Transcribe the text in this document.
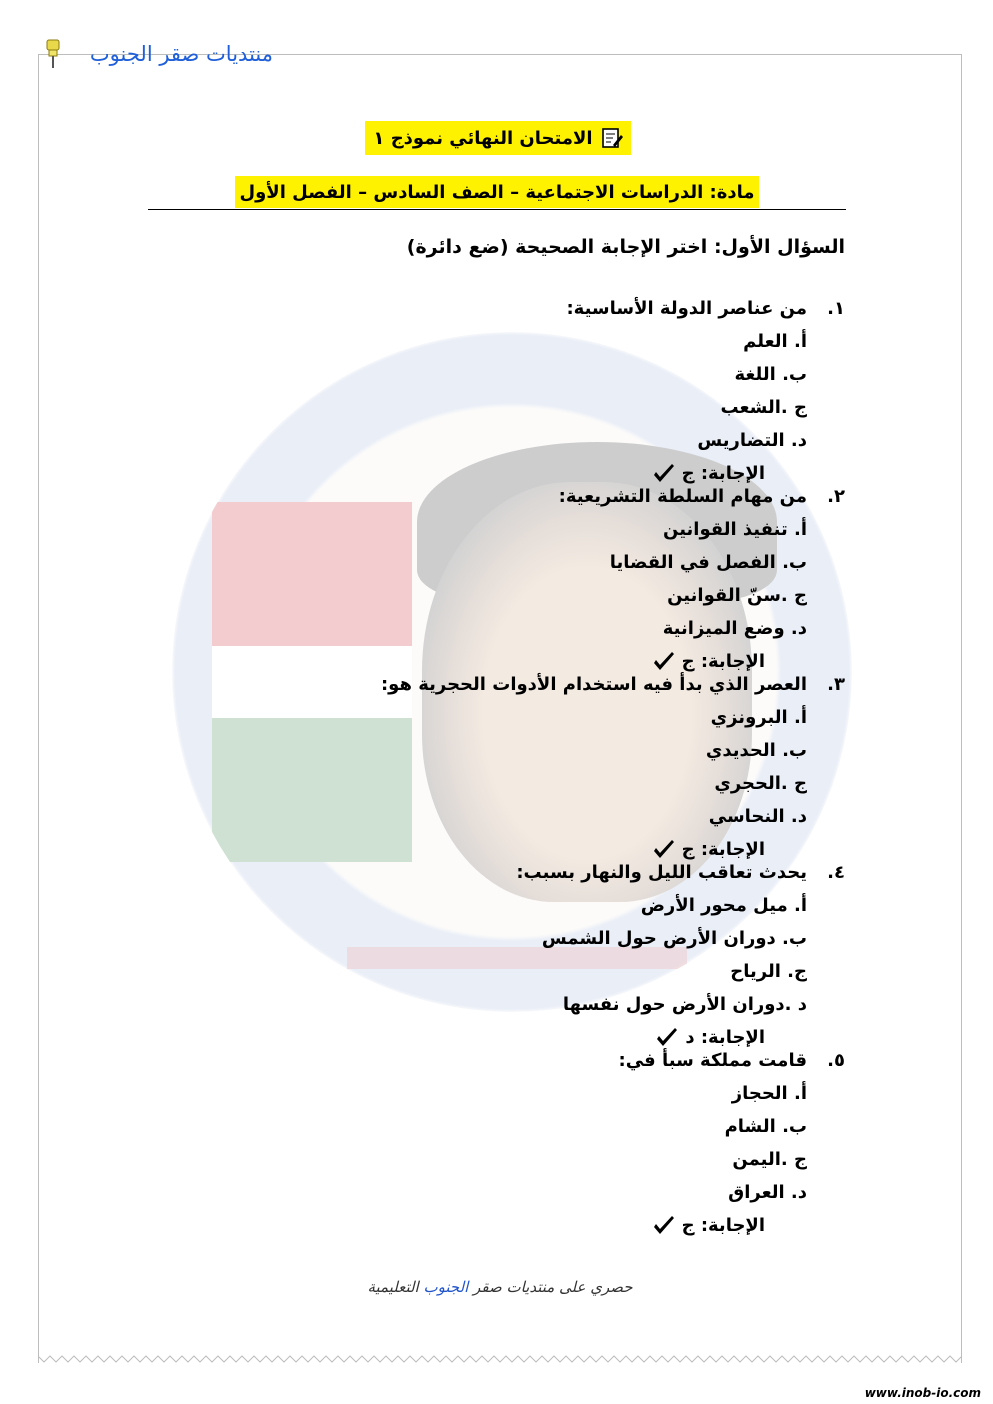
منتديات صقر الجنوب
الامتحان النهائي نموذج ١
مادة: الدراسات الاجتماعية – الصف السادس – الفصل الأول
السؤال الأول: اختر الإجابة الصحيحة (ضع دائرة)
١.
من عناصر الدولة الأساسية:
أ. العلم
ب. اللغة
ج .الشعب
د. التضاريس
الإجابة: ج
٢.
من مهام السلطة التشريعية:
أ. تنفيذ القوانين
ب. الفصل في القضايا
ج .سنّ القوانين
د. وضع الميزانية
الإجابة: ج
٣.
العصر الذي بدأ فيه استخدام الأدوات الحجرية هو:
أ. البرونزي
ب. الحديدي
ج .الحجري
د. النحاسي
الإجابة: ج
٤.
يحدث تعاقب الليل والنهار بسبب:
أ. ميل محور الأرض
ب. دوران الأرض حول الشمس
ج. الرياح
د .دوران الأرض حول نفسها
الإجابة: د
٥.
قامت مملكة سبأ في:
أ. الحجاز
ب. الشام
ج .اليمن
د. العراق
الإجابة: ج
حصري على منتديات صقر الجنوب التعليمية
www.inob-io.com
